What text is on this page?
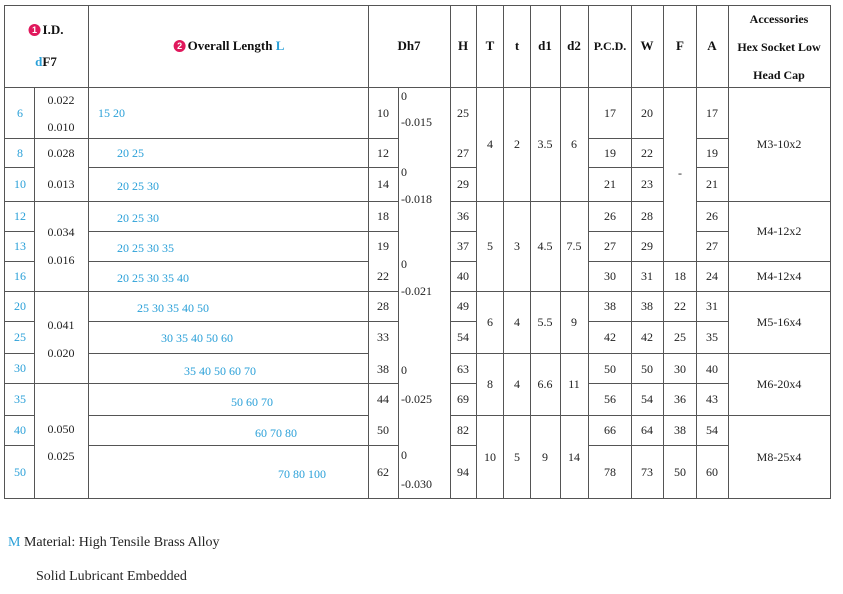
1 I.D.
dF7
2 Overall Length L	Dh7	H T t d1 d2 P.C.D. W F A
Accessories
Hex Socket Low
Head Cap
6
8
10
12
13
16
20
25
30
35
40
50
0.022
0.010
0.028
0.013
0.034
0.016
0.041
0.020
0.050
0.025
15 20
20 25
20 25 30
20 25 30
20 25 30 35
20 25 30 35 40
25 30 35 40 50
30 35 40 50 60
35 40 50 60 70
50 60 70
60 70 80
70 80 100
10
12
14
18
19
22
28
33
38
44
50
62
0
-0.015
0
-0.018
0
-0.021
0
-0.025
0
-0.030
25
27
29
36
37
40
49
54
63
69
82
94
4 2 3.5 6
5 3 4.5 7.5
6 4 5.5 9
8 4 6.6 11
10 5 9 14
17
19
21
26
27
30
38
42
50
56
66
78
20
22
23
28
29
31
38
42
50
54
64
73
-
18
22
25
30
36
38
50
17
19
21
26
27
24
31
35
40
43
54
60
M3-10x2
M4-12x2
M4-12x4
M5-16x4
M6-20x4
M8-25x4
M Material: High Tensile Brass Alloy
Solid Lubricant Embedded
